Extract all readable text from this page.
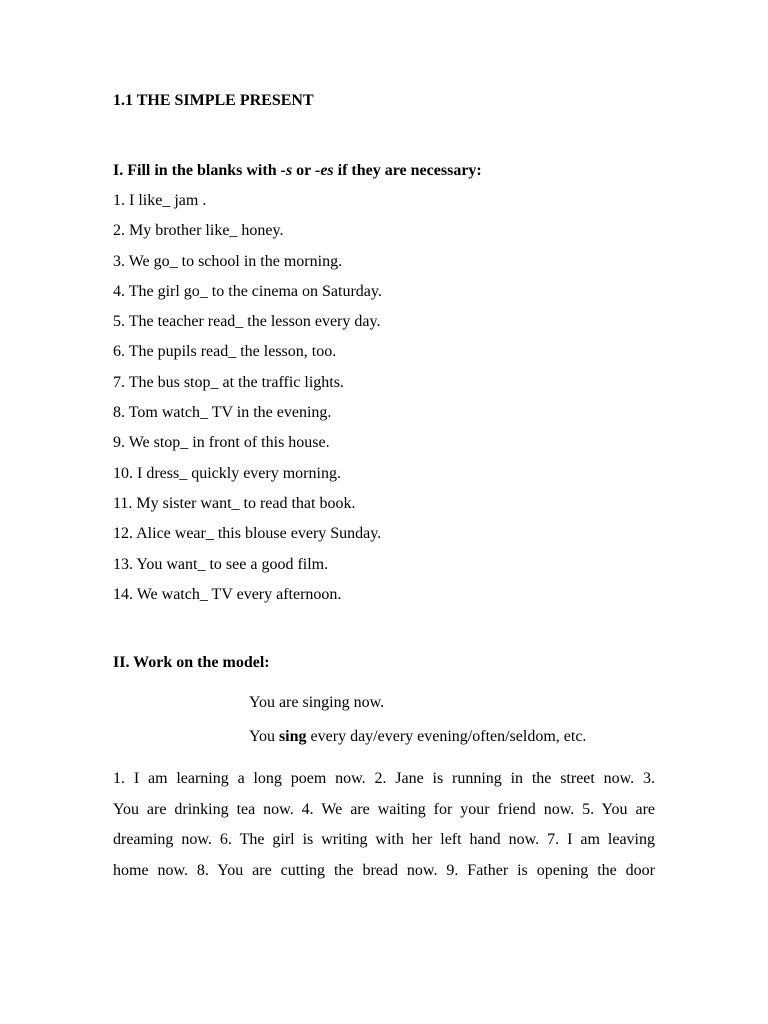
1.1 THE SIMPLE PRESENT
I. Fill in the blanks with -s or -es if they are necessary:
1. I like_ jam .
2. My brother like_ honey.
3. We go_ to school in the morning.
4. The girl go_ to the cinema on Saturday.
5. The teacher read_ the lesson every day.
6. The pupils read_ the lesson, too.
7. The bus stop_ at the traffic lights.
8. Tom watch_ TV in the evening.
9. We stop_ in front of this house.
10. I dress_ quickly every morning.
11. My sister want_ to read that book.
12. Alice wear_ this blouse every Sunday.
13. You want_ to see a good film.
14. We watch_ TV every afternoon.
II. Work on the model:
You are singing now.
You sing every day/every evening/often/seldom, etc.
1. I am learning a long poem now. 2. Jane is running in the street now. 3.
You are drinking tea now. 4. We are waiting for your friend now. 5. You are
dreaming now. 6. The girl is writing with her left hand now. 7. I am leaving
home now. 8. You are cutting the bread now. 9. Father is opening the door
